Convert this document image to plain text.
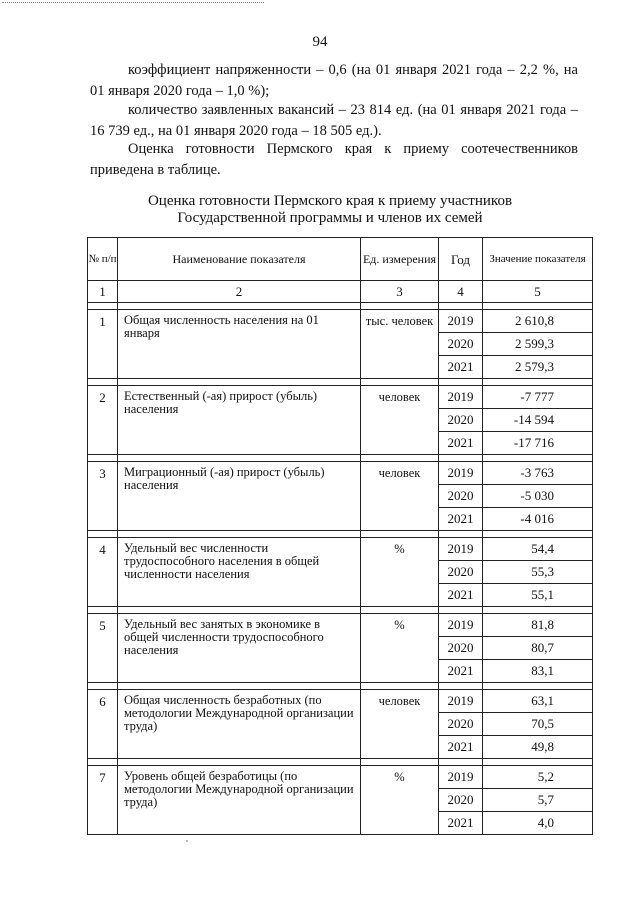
94
коэффициент напряженности – 0,6 (на 01 января 2021 года – 2,2 %, на 01 января 2020 года – 1,0 %);
количество заявленных вакансий – 23 814 ед. (на 01 января 2021 года – 16 739 ед., на 01 января 2020 года – 18 505 ед.).
Оценка готовности Пермского края к приему соотечественников приведена в таблице.
Оценка готовности Пермского края к приему участников
Государственной программы и членов их семей
№ п/п	Наименование показателя	Ед. измерения	Год	Значение показателя
1	2	3	4	5

1	Общая численность населения на 01 января	тыс. человек	2019	2 610,8
			2020	2 599,3
			2021	2 579,3

2	Естественный (-ая) прирост (убыль) населения	человек	2019	-7 777
			2020	-14 594
			2021	-17 716

3	Миграционный (-ая) прирост (убыль) населения	человек	2019	-3 763
			2020	-5 030
			2021	-4 016

4	Удельный вес численности трудоспособного населения в общей численности населения	%	2019	54,4
			2020	55,3
			2021	55,1

5	Удельный вес занятых в экономике в общей численности трудоспособного населения	%	2019	81,8
			2020	80,7
			2021	83,1

6	Общая численность безработных (по методологии Международной организации труда)	человек	2019	63,1
			2020	70,5
			2021	49,8

7	Уровень общей безработицы (по методологии Международной организации труда)	%	2019	5,2
			2020	5,7
			2021	4,0
